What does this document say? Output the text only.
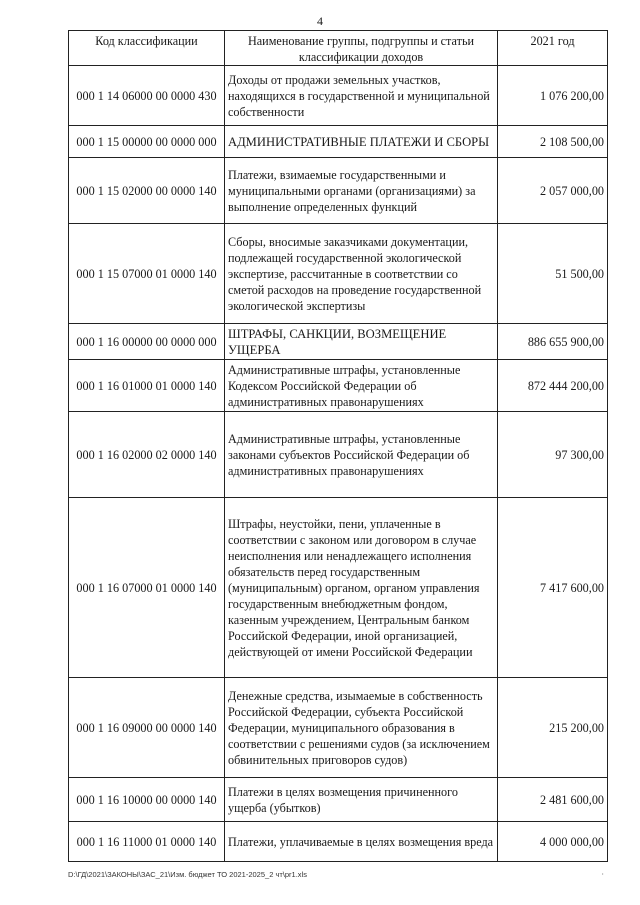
4
Код классификации	Наименование группы, подгруппы и статьи классификации доходов	2021 год
000 1 14 06000 00 0000 430	Доходы от продажи земельных участков, находящихся в государственной и муниципальной собственности	1 076 200,00
000 1 15 00000 00 0000 000	АДМИНИСТРАТИВНЫЕ ПЛАТЕЖИ И СБОРЫ	2 108 500,00
000 1 15 02000 00 0000 140	Платежи, взимаемые государственными и муниципальными органами (организациями) за выполнение определенных функций	2 057 000,00
000 1 15 07000 01 0000 140	Сборы, вносимые заказчиками документации, подлежащей государственной экологической экспертизе, рассчитанные в соответствии со сметой расходов на проведение государственной экологической экспертизы	51 500,00
000 1 16 00000 00 0000 000	ШТРАФЫ, САНКЦИИ, ВОЗМЕЩЕНИЕ УЩЕРБА	886 655 900,00
000 1 16 01000 01 0000 140	Административные штрафы, установленные Кодексом Российской Федерации об административных правонарушениях	872 444 200,00
000 1 16 02000 02 0000 140	Административные штрафы, установленные законами субъектов Российской Федерации об административных правонарушениях	97 300,00
000 1 16 07000 01 0000 140	Штрафы, неустойки, пени, уплаченные в соответствии с законом или договором в случае неисполнения или ненадлежащего исполнения обязательств перед государственным (муниципальным) органом, органом управления государственным внебюджетным фондом, казенным учреждением, Центральным банком Российской Федерации, иной организацией, действующей от имени Российской Федерации	7 417 600,00
000 1 16 09000 00 0000 140	Денежные средства, изымаемые в собственность Российской Федерации, субъекта Российской Федерации, муниципального образования в соответствии с решениями судов (за исключением обвинительных приговоров судов)	215 200,00
000 1 16 10000 00 0000 140	Платежи в целях возмещения причиненного ущерба (убытков)	2 481 600,00
000 1 16 11000 01 0000 140	Платежи, уплачиваемые в целях возмещения вреда	4 000 000,00
D:\ГД\2021\ЗАКОНЫ\ЗАС_21\Изм. бюджет ТО 2021-2025_2 чт\pr1.xls	·
